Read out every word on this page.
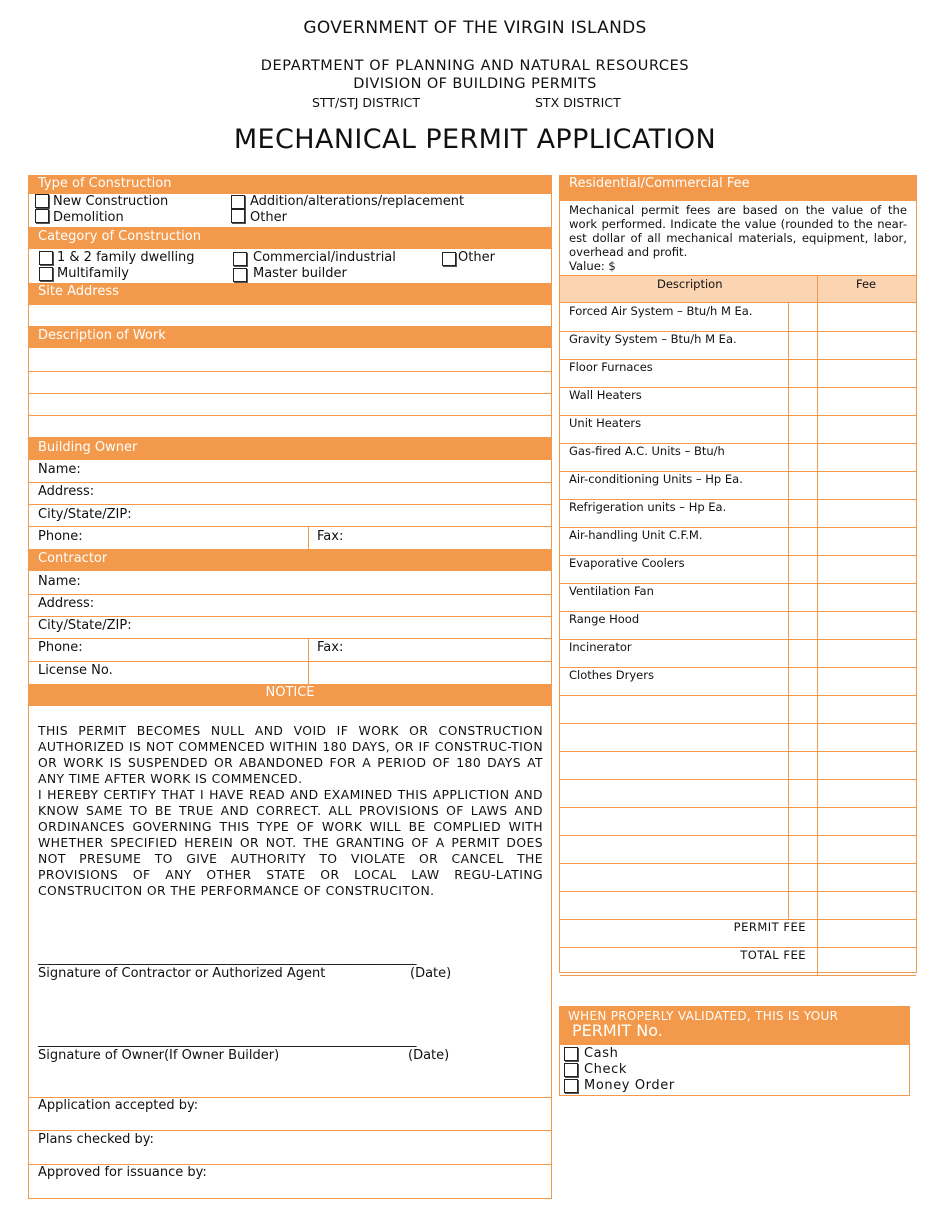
GOVERNMENT OF THE VIRGIN ISLANDS
DEPARTMENT OF PLANNING AND NATURAL RESOURCES
DIVISION OF BUILDING PERMITS
STT/STJ DISTRICT	STX DISTRICT
MECHANICAL PERMIT APPLICATION
Type of Construction
New Construction
Demolition
Addition/alterations/replacement
Other
Category of Construction
1 & 2 family dwelling
Multifamily
Commercial/industrial
Master builder
Other
Site Address
Description of Work
Building Owner
Name:
Address:
City/State/ZIP:
Phone:	Fax:
Contractor
Name:
Address:
City/State/ZIP:
Phone:	Fax:
License No.
NOTICE
THIS PERMIT BECOMES NULL AND VOID IF WORK OR CONSTRUCTION AUTHORIZED IS NOT COMMENCED WITHIN 180 DAYS, OR IF CONSTRUC-TION OR WORK IS SUSPENDED OR ABANDONED FOR A PERIOD OF 180 DAYS AT ANY TIME AFTER WORK IS COMMENCED.
I HEREBY CERTIFY THAT I HAVE READ AND EXAMINED THIS APPLICTION AND KNOW SAME TO BE TRUE AND CORRECT. ALL PROVISIONS OF LAWS AND ORDINANCES GOVERNING THIS TYPE OF WORK WILL BE COMPLIED WITH WHETHER SPECIFIED HEREIN OR NOT. THE GRANTING OF A PERMIT DOES NOT PRESUME TO GIVE AUTHORITY TO VIOLATE OR CANCEL THE PROVISIONS OF ANY OTHER STATE OR LOCAL LAW REGU-LATING CONSTRUCITON OR THE PERFORMANCE OF CONSTRUCITON.
_______________________________________________________________
Signature of Contractor or Authorized Agent	(Date)
_______________________________________________________________
Signature of Owner(If Owner Builder)	(Date)
Application accepted by:
Plans checked by:
Approved for issuance by:
Residential/Commercial Fee
Mechanical permit fees are based on the value of the work performed. Indicate the value (rounded to the near-est dollar of all mechanical materials, equipment, labor, overhead and profit.
Value: $
Description	Fee
Forced Air System – Btu/h M Ea.
Gravity System – Btu/h M Ea.
Floor Furnaces
Wall Heaters
Unit Heaters
Gas-fired A.C. Units – Btu/h
Air-conditioning Units – Hp Ea.
Refrigeration units – Hp Ea.
Air-handling Unit C.F.M.
Evaporative Coolers
Ventilation Fan
Range Hood
Incinerator
Clothes Dryers
PERMIT FEE
TOTAL FEE
WHEN PROPERLY VALIDATED, THIS IS YOUR
PERMIT No.
Cash
Check
Money Order
